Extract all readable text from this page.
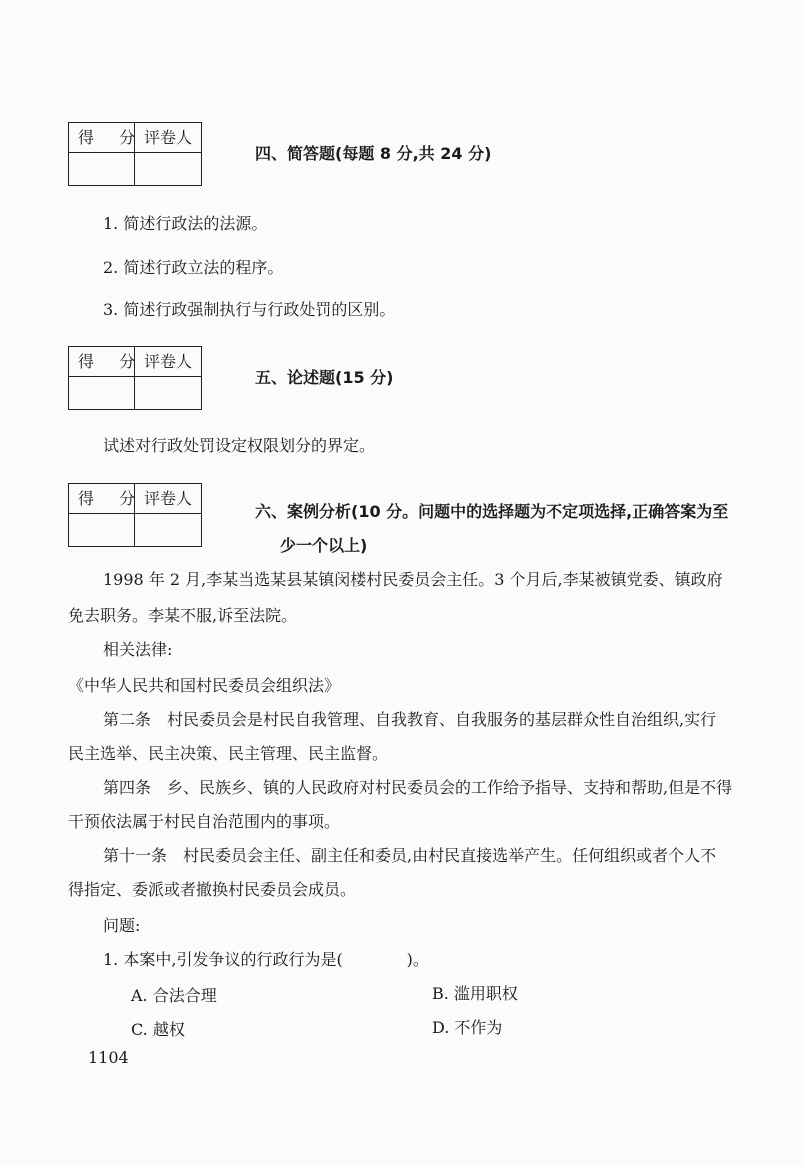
得 分
评卷人
四、简答题(每题 8 分,共 24 分)
1. 简述行政法的法源。
2. 简述行政立法的程序。
3. 简述行政强制执行与行政处罚的区别。
得 分
评卷人
五、论述题(15 分)
试述对行政处罚设定权限划分的界定。
得 分
评卷人
六、案例分析(10 分。问题中的选择题为不定项选择,正确答案为至
少一个以上)
1998 年 2 月,李某当选某县某镇闵楼村民委员会主任。3 个月后,李某被镇党委、镇政府
免去职务。李某不服,诉至法院。
相关法律:
《中华人民共和国村民委员会组织法》
第二条　村民委员会是村民自我管理、自我教育、自我服务的基层群众性自治组织,实行
民主选举、民主决策、民主管理、民主监督。
第四条　乡、民族乡、镇的人民政府对村民委员会的工作给予指导、支持和帮助,但是不得
干预依法属于村民自治范围内的事项。
第十一条　村民委员会主任、副主任和委员,由村民直接选举产生。任何组织或者个人不
得指定、委派或者撤换村民委员会成员。
问题:
1. 本案中,引发争议的行政行为是(　　　　)。
A. 合法合理	B. 滥用职权
C. 越权	D. 不作为
1104
